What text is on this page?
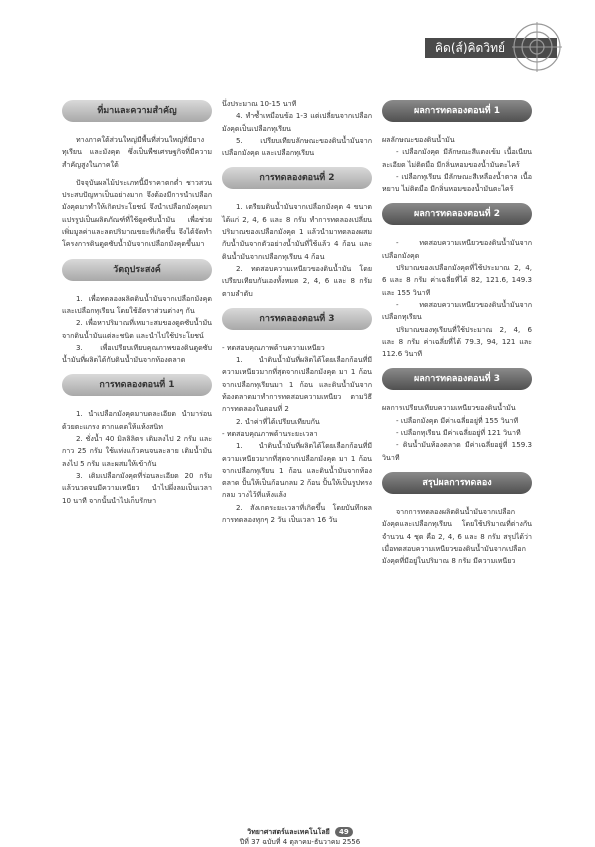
คิด(ส์)คิดวิทย์
ที่มาและความสำคัญ

ทางภาคใต้ส่วนใหญ่มีพื้นที่ส่วนใหญ่ที่มียาง ทุเรียน และมังคุด ซึ่งเป็นพืชเศรษฐกิจที่มีความสำคัญสูงในภาคใต้

ปัจจุบันผลไม้ประเภทนี้มีราคาตกต่ำ ชาวสวนประสบปัญหาเป็นอย่างมาก จึงต้องมีการนำเปลือกมังคุดมาทำให้เกิดประโยชน์ จึงนำเปลือกมังคุดมาแปรรูปเป็นผลิตภัณฑ์ที่ใช้ดูดซับน้ำมัน เพื่อช่วยเพิ่มมูลค่าและลดปริมาณขยะที่เกิดขึ้น จึงได้จัดทำโครงการดินดูดซับน้ำมันจากเปลือกมังคุดขึ้นมา

วัตถุประสงค์

1. เพื่อทดลองผลิตดินน้ำมันจากเปลือกมังคุดและเปลือกทุเรียน โดยใช้อัตราส่วนต่างๆ กัน

2. เพื่อหาปริมาณที่เหมาะสมของดูดซับน้ำมันจากดินน้ำมันแต่ละชนิด และนำไปใช้ประโยชน์

3. เพื่อเปรียบเทียบคุณภาพของดินดูดซับน้ำมันที่ผลิตได้กับดินน้ำมันจากท้องตลาด

การทดลองตอนที่ 1

1. นำเปลือกมังคุดมาบดละเอียด นำมาร่อนด้วยตะแกรง ตากแดดให้แห้งสนิท

2. ชั่งน้ำ 40 มิลลิลิตร เติมลงไป 2 กรัม และกาว 25 กรัม ใช้แท่งแก้วคนจนละลาย เติมน้ำมันลงไป 5 กรัม และผสมให้เข้ากัน

3. เติมเปลือกมังคุดที่ร่อนละเอียด 20 กรัม แล้วนวดจนมีความเหนียว นำไปผึ่งลมเป็นเวลา 10 นาที จากนั้นนำไปเก็บรักษา

นึ่งประมาณ 10-15 นาที

4. ทำซ้ำเหมือนข้อ 1-3 แต่เปลี่ยนจากเปลือกมังคุดเป็นเปลือกทุเรียน

5. เปรียบเทียบลักษณะของดินน้ำมันจากเปลือกมังคุด และเปลือกทุเรียน

การทดลองตอนที่ 2

1. เตรียมดินน้ำมันจากเปลือกมังคุด 4 ขนาด ได้แก่ 2, 4, 6 และ 8 กรัม ทำการทดลองเปลี่ยนปริมาณของเปลือกมังคุด 1 แล้วนำมาทดลองผสมกับน้ำมันจากตัวอย่างน้ำมันที่ใช้แล้ว 4 ก้อน และดินน้ำมันจากเปลือกทุเรียน 4 ก้อน

2. ทดสอบความเหนียวของดินน้ำมัน โดยเปรียบเทียบกันเองทั้งหมด 2, 4, 6 และ 8 กรัม ตามลำดับ

การทดลองตอนที่ 3

- ทดสอบคุณภาพด้านความเหนียว

1. นำดินน้ำมันที่ผลิตได้โดยเลือกก้อนที่มีความเหนียวมากที่สุดจากเปลือกมังคุด มา 1 ก้อน จากเปลือกทุเรียนมา 1 ก้อน และดินน้ำมันจากท้องตลาดมาทำการทดสอบความเหนียว ตามวิธีการทดลองในตอนที่ 2

2. นำค่าที่ได้เปรียบเทียบกัน

- ทดสอบคุณภาพด้านระยะเวลา

1. นำดินน้ำมันที่ผลิตได้โดยเลือกก้อนที่มีความเหนียวมากที่สุดจากเปลือกมังคุด มา 1 ก้อน จากเปลือกทุเรียน 1 ก้อน และดินน้ำมันจากท้องตลาด ปั้นให้เป็นก้อนกลม 2 ก้อน ปั้นให้เป็นรูปทรงกลม วางไว้ที่แห้งแล้ง

2. สังเกตระยะเวลาที่เกิดขึ้น โดยบันทึกผลการทดลองทุกๆ 2 วัน เป็นเวลา 16 วัน

ผลการทดลองตอนที่ 1

ผลลักษณะของดินน้ำมัน

- เปลือกมังคุด มีลักษณะสีแดงเข้ม เนื้อเนียนละเอียด ไม่ติดมือ มีกลิ่นหอมของน้ำมันตะไคร้

- เปลือกทุเรียน มีลักษณะสีเหลืองน้ำตาล เนื้อหยาบ ไม่ติดมือ มีกลิ่นหอมของน้ำมันตะไคร้

ผลการทดลองตอนที่ 2

- ทดสอบความเหนียวของดินน้ำมันจากเปลือกมังคุด

ปริมาณของเปลือกมังคุดที่ใช้ประมาณ 2, 4, 6 และ 8 กรัม ค่าเฉลี่ยที่ได้ 82, 121.6, 149.3 และ 155 วินาที

- ทดสอบความเหนียวของดินน้ำมันจากเปลือกทุเรียน

ปริมาณของทุเรียนที่ใช้ประมาณ 2, 4, 6 และ 8 กรัม ค่าเฉลี่ยที่ได้ 79.3, 94, 121 และ 112.6 วินาที

ผลการทดลองตอนที่ 3

ผลการเปรียบเทียบความเหนียวของดินน้ำมัน

- เปลือกมังคุด มีค่าเฉลี่ยอยู่ที่ 155 วินาที

- เปลือกทุเรียน มีค่าเฉลี่ยอยู่ที่ 121 วินาที

- ดินน้ำมันท้องตลาด มีค่าเฉลี่ยอยู่ที่ 159.3 วินาที

สรุปผลการทดลอง

จากการทดลองผลิตดินน้ำมันจากเปลือกมังคุดและเปลือกทุเรียน โดยใช้ปริมาณที่ต่างกัน จำนวน 4 ชุด คือ 2, 4, 6 และ 8 กรัม สรุปได้ว่า เมื่อทดสอบความเหนียวของดินน้ำมันจากเปลือกมังคุดที่มีอยู่ในปริมาณ 8 กรัม มีความเหนียว

วิทยาศาสตร์และเทคโนโลยี 49
ปีที่ 37 ฉบับที่ 4 ตุลาคม-ธันวาคม 2556
